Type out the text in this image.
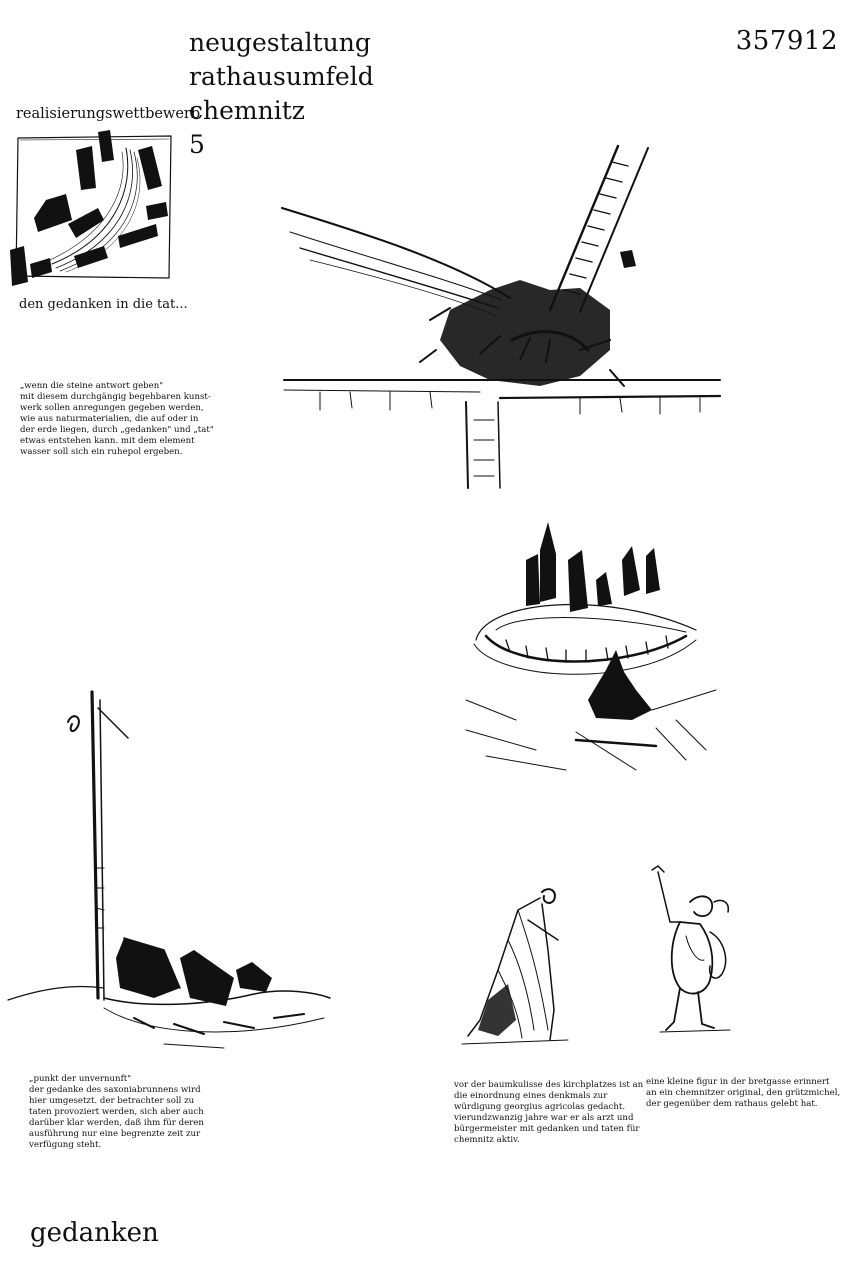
neugestaltung
rathausumfeld
chemnitz
5
357912
realisierungswettbewerb
den gedanken in die tat...
„wenn die steine antwort geben"
mit diesem durchgängig begehbaren kunst-
werk sollen anregungen gegeben werden,
wie aus naturmaterialien, die auf oder in
der erde liegen, durch „gedanken" und „tat"
etwas entstehen kann. mit dem element
wasser soll sich ein ruhepol ergeben.
„punkt der unvernunft"
der gedanke des saxoniabrunnens wird
hier umgesetzt. der betrachter soll zu
taten provoziert werden, sich aber auch
darüber klar werden, daß ihm für deren
ausführung nur eine begrenzte zeit zur
verfügung steht.
vor der baumkulisse des kirchplatzes ist an
die einordnung eines denkmals zur
würdigung georgius agricolas gedacht.
vierundzwanzig jahre war er als arzt und
bürgermeister mit gedanken und taten für
chemnitz aktiv.
eine kleine figur in der bretgasse erinnert
an ein chemnitzer original, den grützmichel,
der gegenüber dem rathaus gelebt hat.
gedanken
